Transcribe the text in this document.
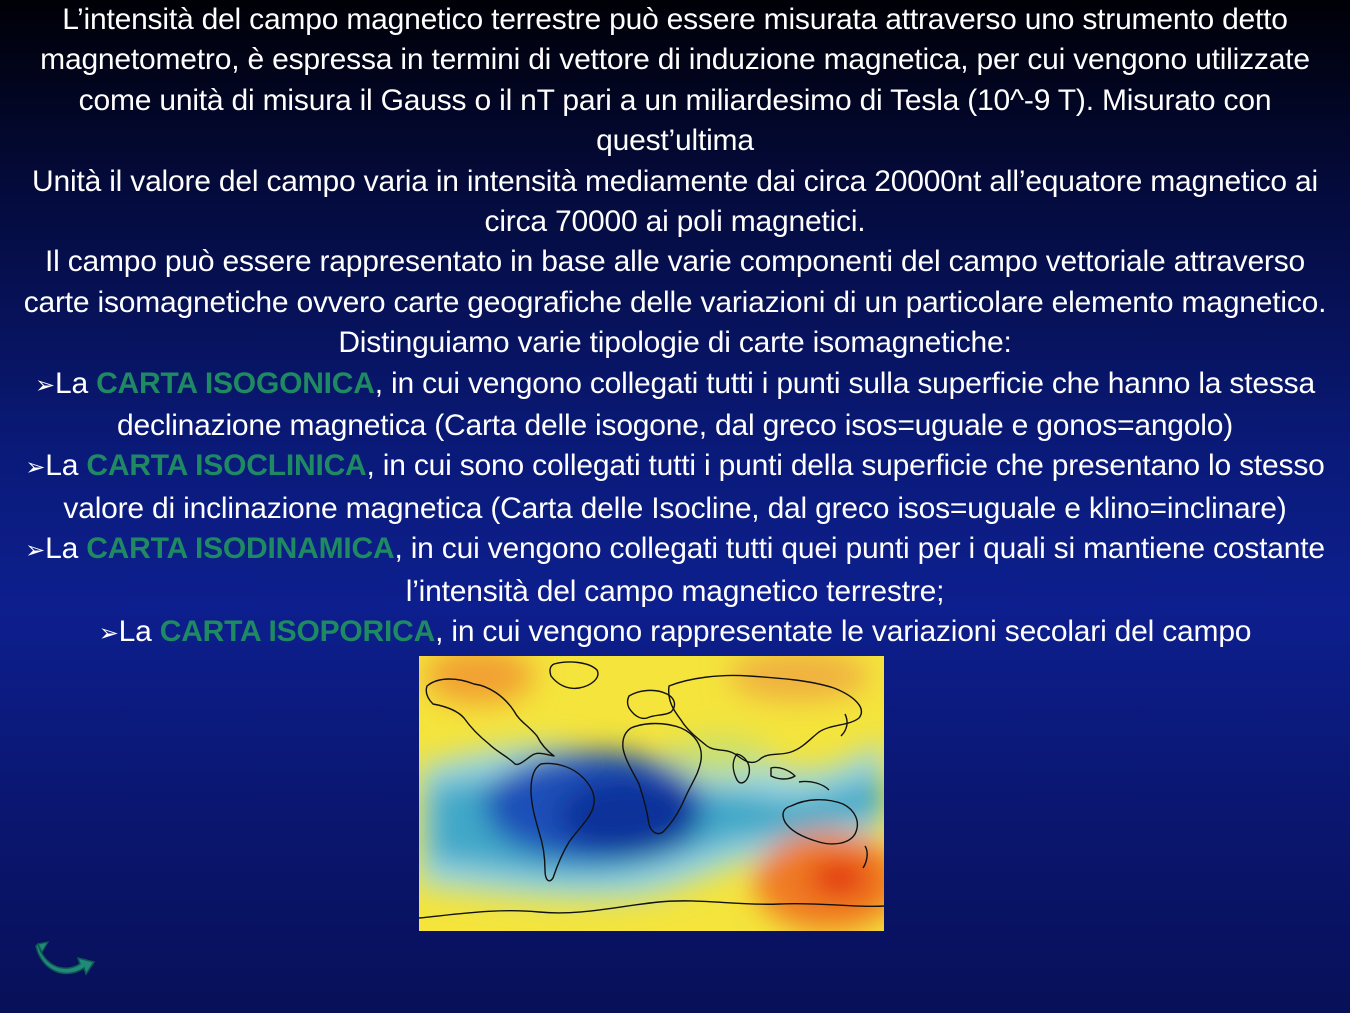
L’intensità del campo magnetico terrestre può essere misurata attraverso uno strumento detto magnetometro, è espressa in termini di vettore di induzione magnetica, per cui vengono utilizzate come unità di misura il Gauss o il nT pari a un miliardesimo di Tesla (10^-9 T). Misurato con quest’ultima

Unità il valore del campo varia in intensità mediamente dai circa 20000nt all’equatore magnetico ai circa 70000 ai poli magnetici.

Il campo può essere rappresentato in base alle varie componenti del campo vettoriale attraverso carte isomagnetiche ovvero carte geografiche delle variazioni di un particolare elemento magnetico. Distinguiamo varie tipologie di carte isomagnetiche:

➢La CARTA ISOGONICA, in cui vengono collegati tutti i punti sulla superficie che hanno la stessa declinazione magnetica (Carta delle isogone, dal greco isos=uguale e gonos=angolo)

➢La CARTA ISOCLINICA, in cui sono collegati tutti i punti della superficie che presentano lo stesso valore di inclinazione magnetica (Carta delle Isocline, dal greco isos=uguale e klino=inclinare)

➢La CARTA ISODINAMICA, in cui vengono collegati tutti quei punti per i quali si mantiene costante l’intensità del campo magnetico terrestre;

➢La CARTA ISOPORICA, in cui vengono rappresentate le variazioni secolari del campo
